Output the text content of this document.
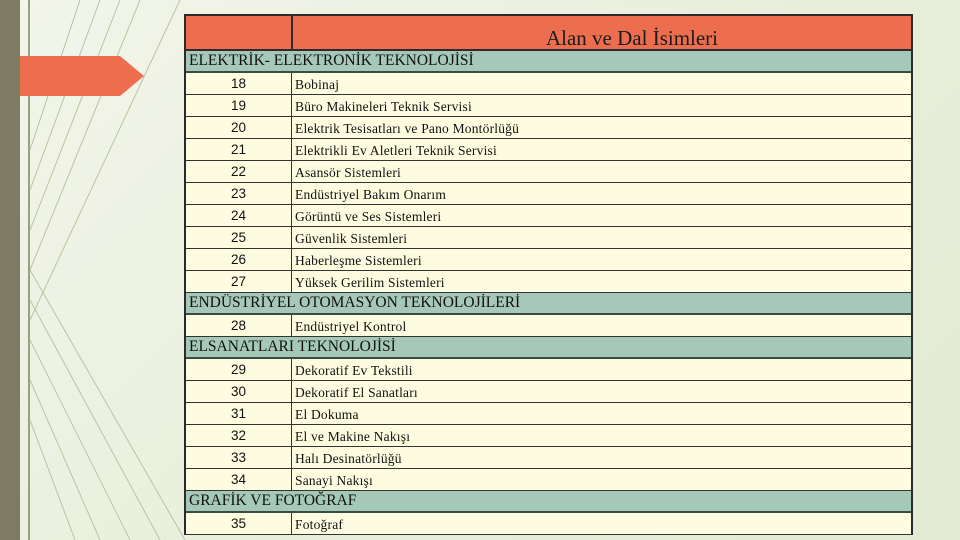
Alan ve Dal İsimleri
ELEKTRİK- ELEKTRONİK TEKNOLOJİSİ
18	Bobinaj
19	Büro Makineleri Teknik Servisi
20	Elektrik Tesisatları ve Pano Montörlüğü
21	Elektrikli Ev Aletleri Teknik Servisi
22	Asansör Sistemleri
23	Endüstriyel Bakım Onarım
24	Görüntü ve Ses Sistemleri
25	Güvenlik Sistemleri
26	Haberleşme Sistemleri
27	Yüksek Gerilim Sistemleri
ENDÜSTRİYEL OTOMASYON TEKNOLOJİLERİ
28	Endüstriyel Kontrol
ELSANATLARI TEKNOLOJİSİ
29	Dekoratif Ev Tekstili
30	Dekoratif El Sanatları
31	El Dokuma
32	El ve Makine Nakışı
33	Halı Desinatörlüğü
34	Sanayi Nakışı
GRAFİK VE FOTOĞRAF
35	Fotoğraf
